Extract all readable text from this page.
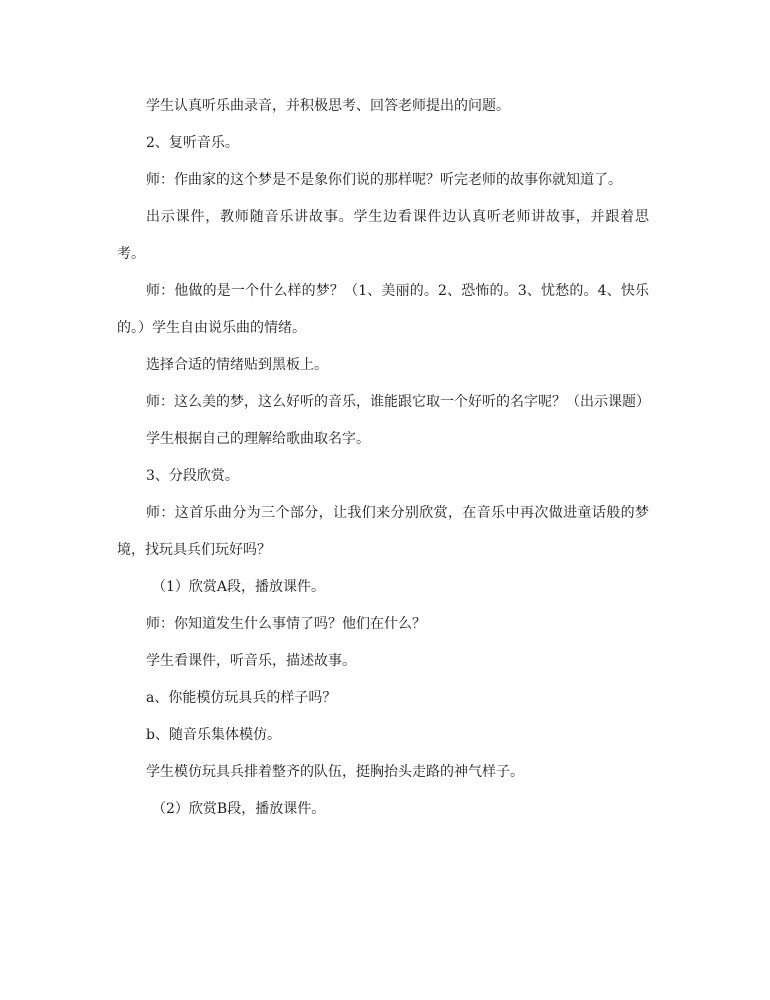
学生认真听乐曲录音，并积极思考、回答老师提出的问题。

2、复听音乐。

师：作曲家的这个梦是不是象你们说的那样呢？听完老师的故事你就知道了。

出示课件，教师随音乐讲故事。学生边看课件边认真听老师讲故事，并跟着思考。

师：他做的是一个什么样的梦？（1、美丽的。2、恐怖的。3、忧愁的。4、快乐的。）学生自由说乐曲的情绪。

选择合适的情绪贴到黑板上。

师：这么美的梦，这么好听的音乐，谁能跟它取一个好听的名字呢？（出示课题）

学生根据自己的理解给歌曲取名字。

3、分段欣赏。

师：这首乐曲分为三个部分，让我们来分别欣赏，在音乐中再次做进童话般的梦境，找玩具兵们玩好吗？

（1）欣赏A段，播放课件。

师：你知道发生什么事情了吗？他们在什么？

学生看课件，听音乐，描述故事。

a、你能模仿玩具兵的样子吗？

b、随音乐集体模仿。

学生模仿玩具兵排着整齐的队伍，挺胸抬头走路的神气样子。

（2）欣赏B段，播放课件。
